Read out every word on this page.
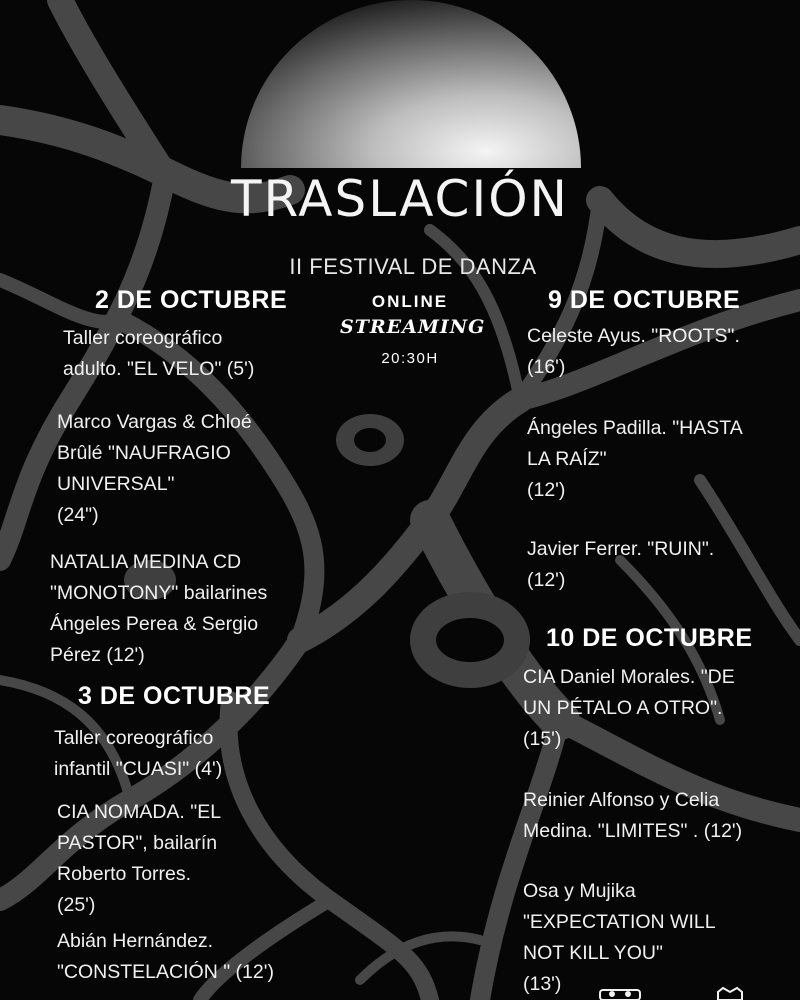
TRASLACIÓN
II FESTIVAL DE DANZA
ONLINE
STREAMING
20:30H
2 DE OCTUBRE
Taller coreográfico
adulto. "EL VELO" (5')
Marco Vargas & Chloé
Brûlé "NAUFRAGIO
UNIVERSAL"
(24")
NATALIA MEDINA CD
"MONOTONY" bailarines
Ángeles Perea & Sergio
Pérez (12')
3 DE OCTUBRE
Taller coreográfico
infantil "CUASI" (4')
CIA NOMADA. "EL
PASTOR", bailarín
Roberto Torres.
(25')
Abián Hernández.
"CONSTELACIÓN " (12')
9 DE OCTUBRE
Celeste Ayus. "ROOTS".
(16')
Ángeles Padilla. "HASTA
LA RAÍZ"
(12')
Javier Ferrer. "RUIN".
(12')
10 DE OCTUBRE
CIA Daniel Morales. "DE
UN PÉTALO A OTRO".
(15')
Reinier Alfonso y Celia
Medina. "LIMITES" . (12')
Osa y Mujika
"EXPECTATION WILL
NOT KILL YOU"
(13')
